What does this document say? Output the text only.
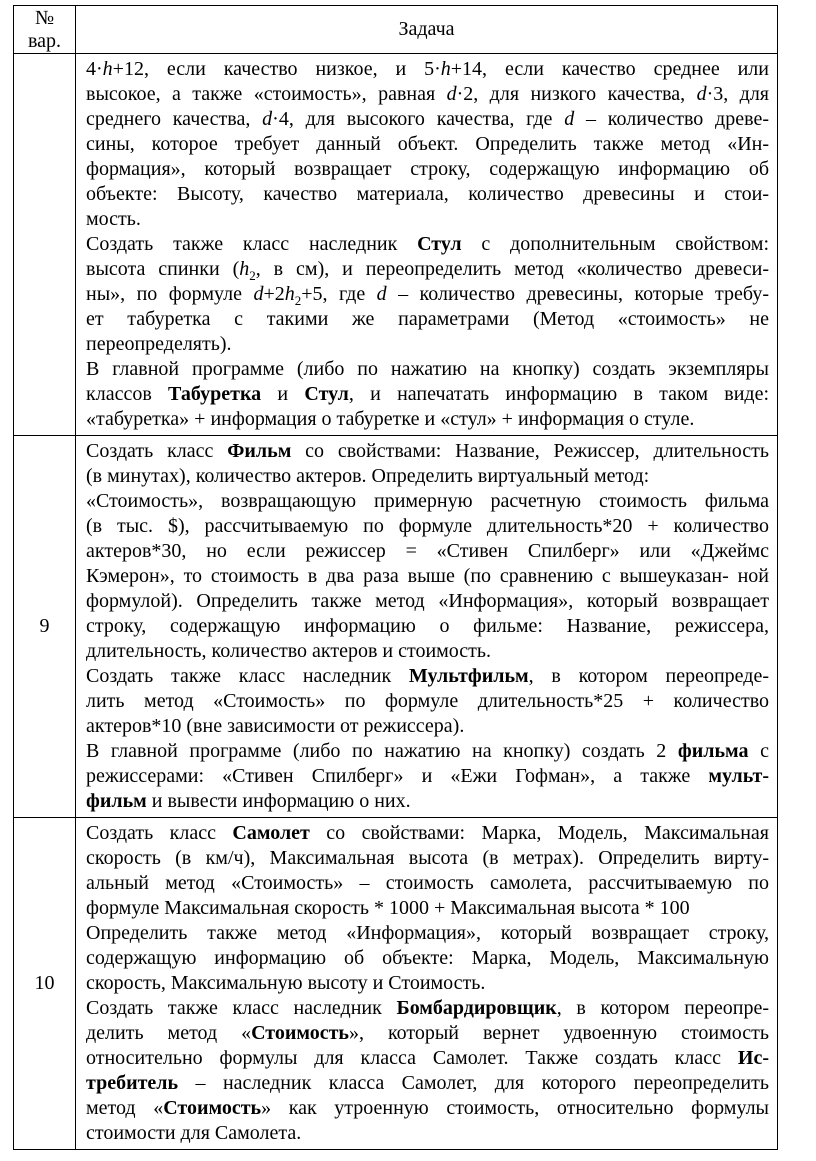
№
вар.
Задача
4·h+12, если качество низкое, и 5·h+14, если качество среднее или
высокое, а также «стоимость», равная d·2, для низкого качества, d·3, для
среднего качества, d·4, для высокого качества, где d – количество древе-
сины, которое требует данный объект. Определить также метод «Ин-
формация», который возвращает строку, содержащую информацию об
объекте: Высоту, качество материала, количество древесины и стои-
мость.
Создать также класс наследник Стул с дополнительным свойством:
высота спинки ($h_2$, в см), и переопределить метод «количество древеси-
ны», по формуле $d+2h_2+5$, где d – количество древесины, которые требу-
ет табуретка с такими же параметрами (Метод «стоимость» не
переопределять).
В главной программе (либо по нажатию на кнопку) создать экземпляры
классов Табуретка и Стул, и напечатать информацию в таком виде:
«табуретка» + информация о табуретке и «стул» + информация о стуле.
9
Создать класс Фильм со свойствами: Название, Режиссер, длительность
(в минутах), количество актеров. Определить виртуальный метод:
«Стоимость», возвращающую примерную расчетную стоимость фильма
(в тыс. $), рассчитываемую по формуле длительность*20 + количество
актеров*30, но если режиссер = «Стивен Спилберг» или «Джеймс
Кэмерон», то стоимость в два раза выше (по сравнению с вышеуказан- ной
формулой). Определить также метод «Информация», который возвращает
строку, содержащую информацию о фильме: Название, режиссера,
длительность, количество актеров и стоимость.
Создать также класс наследник Мультфильм, в котором переопреде-
лить метод «Стоимость» по формуле длительность*25 + количество
актеров*10 (вне зависимости от режиссера).
В главной программе (либо по нажатию на кнопку) создать 2 фильма с
режиссерами: «Стивен Спилберг» и «Ежи Гофман», а также мульт-
фильм и вывести информацию о них.
10
Создать класс Самолет со свойствами: Марка, Модель, Максимальная
скорость (в км/ч), Максимальная высота (в метрах). Определить вирту-
альный метод «Стоимость» – стоимость самолета, рассчитываемую по
формуле Максимальная скорость * 1000 + Максимальная высота * 100
Определить также метод «Информация», который возвращает строку,
содержащую информацию об объекте: Марка, Модель, Максимальную
скорость, Максимальную высоту и Стоимость.
Создать также класс наследник Бомбардировщик, в котором переопре-
делить метод «Стоимость», который вернет удвоенную стоимость
относительно формулы для класса Самолет. Также создать класс Ис-
требитель – наследник класса Самолет, для которого переопределить
метод «Стоимость» как утроенную стоимость, относительно формулы
стоимости для Самолета.
